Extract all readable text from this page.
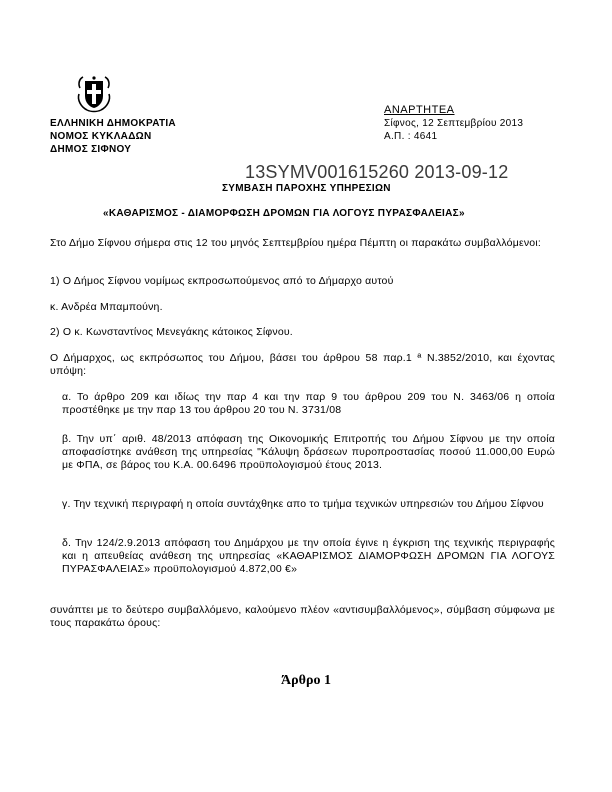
ΕΛΛΗΝΙΚΗ ΔΗΜΟΚΡΑΤΙΑ
ΝΟΜΟΣ ΚΥΚΛΑΔΩΝ
ΔΗΜΟΣ ΣΙΦΝΟΥ
ΑΝΑΡΤΗΤΕΑ
Σίφνος, 12 Σεπτεμβρίου 2013
Α.Π. : 4641
13SYMV001615260 2013-09-12
ΣΥΜΒΑΣΗ ΠΑΡΟΧΗΣ ΥΠΗΡΕΣΙΩΝ
«ΚΑΘΑΡΙΣΜΟΣ - ΔΙΑΜΟΡΦΩΣΗ ΔΡΟΜΩΝ ΓΙΑ ΛΟΓΟΥΣ ΠΥΡΑΣΦΑΛΕΙΑΣ»
Στο Δήμο Σίφνου σήμερα στις 12 του μηνός Σεπτεμβρίου ημέρα Πέμπτη οι παρακάτω συμβαλλόμενοι:
1) Ο Δήμος Σίφνου νομίμως εκπροσωπούμενος από το Δήμαρχο αυτού
κ. Ανδρέα Μπαμπούνη.
2) Ο κ. Κωνσταντίνος Μενεγάκης κάτοικος Σίφνου.
Ο Δήμαρχος, ως εκπρόσωπος του Δήμου, βάσει του άρθρου 58 παρ.1 ª Ν.3852/2010, και έχοντας υπόψη:
α. Το άρθρο 209 και ιδίως την παρ 4 και την παρ 9 του άρθρου 209 του Ν. 3463/06 η οποία προστέθηκε με την παρ 13 του άρθρου 20 του Ν. 3731/08
β. Την υπ΄ αριθ. 48/2013 απόφαση της Οικονομικής Επιτροπής του Δήμου Σίφνου με την οποία αποφασίστηκε ανάθεση της υπηρεσίας "Κάλυψη δράσεων πυροπροστασίας ποσού 11.000,00 Ευρώ με ΦΠΑ, σε βάρος του Κ.Α. 00.6496 προϋπολογισμού έτους 2013.
γ. Την τεχνική περιγραφή η οποία συντάχθηκε απο το τμήμα τεχνικών υπηρεσιών του Δήμου Σίφνου
δ. Την 124/2.9.2013 απόφαση του Δημάρχου με την οποία έγινε η έγκριση της τεχνικής περιγραφής και η απευθείας ανάθεση της υπηρεσίας «ΚΑΘΑΡΙΣΜΟΣ ΔΙΑΜΟΡΦΩΣΗ ΔΡΟΜΩΝ ΓΙΑ ΛΟΓΟΥΣ ΠΥΡΑΣΦΑΛΕΙΑΣ» προϋπολογισμού 4.872,00 €»
συνάπτει με το δεύτερο συμβαλλόμενο, καλούμενο πλέον «αντισυμβαλλόμενος», σύμβαση σύμφωνα με τους παρακάτω όρους:
Άρθρο 1
